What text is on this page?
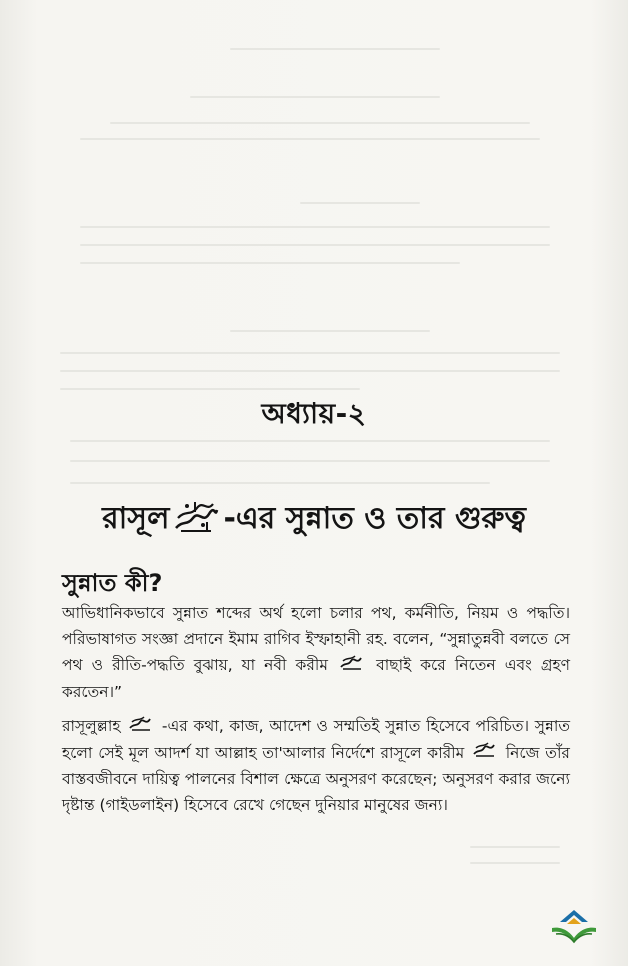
অধ্যায়-২
রাসূল -এর সুন্নাত ও তার গুরুত্ব
সুন্নাত কী?

আভিধানিকভাবে সুন্নাত শব্দের অর্থ হলো চলার পথ, কর্মনীতি, নিয়ম ও পদ্ধতি। পরিভাষাগত সংজ্ঞা প্রদানে ইমাম রাগিব ইস্ফাহানী রহ. বলেন, “সুন্নাতুন্নবী বলতে সে পথ ও রীতি-পদ্ধতি বুঝায়, যা নবী করীম	বাছাই করে নিতেন এবং গ্রহণ করতেন।”

রাসূলুল্লাহ	-এর কথা, কাজ, আদেশ ও সম্মতিই সুন্নাত হিসেবে পরিচিত। সুন্নাত হলো সেই মূল আদর্শ যা আল্লাহ তা'আলার নির্দেশে রাসূলে কারীম	নিজে তাঁর বাস্তবজীবনে দায়িত্ব পালনের বিশাল ক্ষেত্রে অনুসরণ করেছেন; অনুসরণ করার জন্যে দৃষ্টান্ত (গাইডলাইন) হিসেবে রেখে গেছেন দুনিয়ার মানুষের জন্য।
